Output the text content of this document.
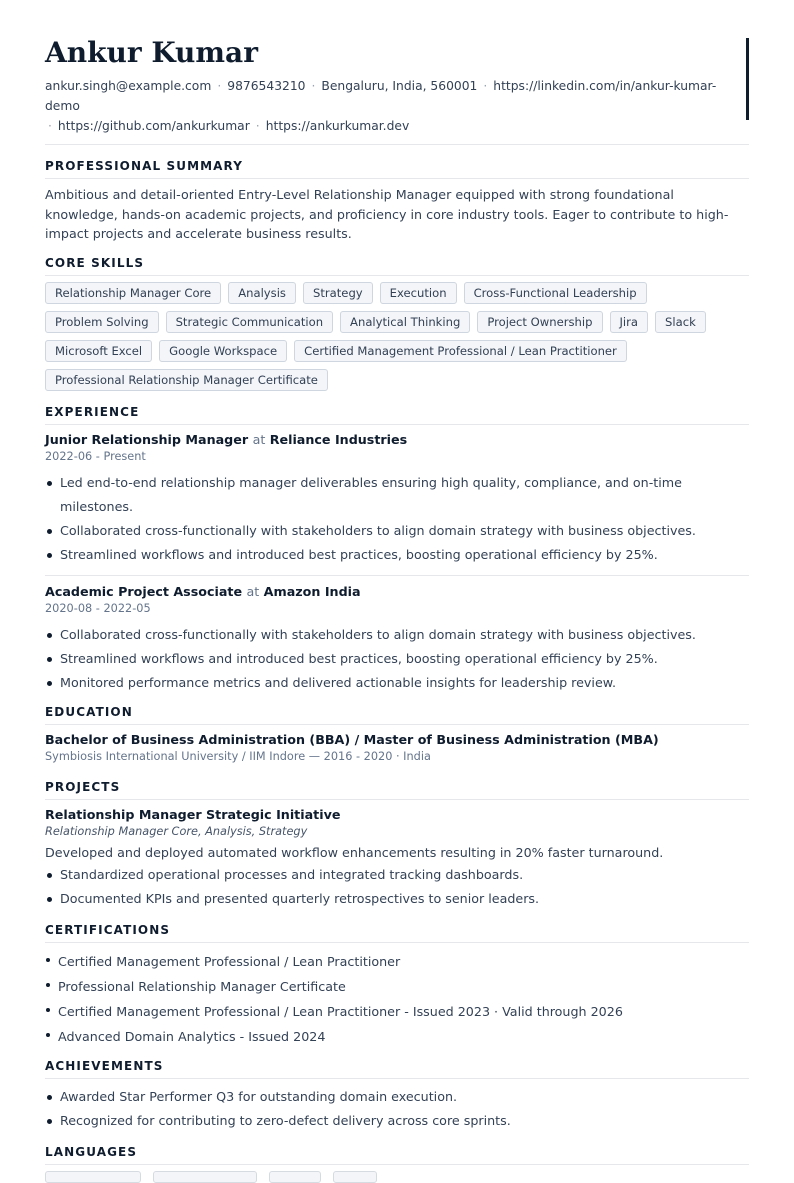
Ankur Kumar
ankur.singh@example.com · 9876543210 · Bengaluru, India, 560001 · https://linkedin.com/in/ankur-kumar-demo
· https://github.com/ankurkumar · https://ankurkumar.dev
PROFESSIONAL SUMMARY
Ambitious and detail-oriented Entry-Level Relationship Manager equipped with strong foundational knowledge, hands-on academic projects, and proficiency in core industry tools. Eager to contribute to high-impact projects and accelerate business results.
CORE SKILLS
Relationship Manager Core	Analysis	Strategy	Execution	Cross-Functional Leadership
Problem Solving	Strategic Communication	Analytical Thinking	Project Ownership	Jira	Slack
Microsoft Excel	Google Workspace	Certified Management Professional / Lean Practitioner
Professional Relationship Manager Certificate
EXPERIENCE
Junior Relationship Manager at Reliance Industries
2022-06 - Present
Led end-to-end relationship manager deliverables ensuring high quality, compliance, and on-time milestones.
Collaborated cross-functionally with stakeholders to align domain strategy with business objectives.
Streamlined workflows and introduced best practices, boosting operational efficiency by 25%.
Academic Project Associate at Amazon India
2020-08 - 2022-05
Collaborated cross-functionally with stakeholders to align domain strategy with business objectives.
Streamlined workflows and introduced best practices, boosting operational efficiency by 25%.
Monitored performance metrics and delivered actionable insights for leadership review.
EDUCATION
Bachelor of Business Administration (BBA) / Master of Business Administration (MBA)
Symbiosis International University / IIM Indore — 2016 - 2020 · India
PROJECTS
Relationship Manager Strategic Initiative
Relationship Manager Core, Analysis, Strategy
Developed and deployed automated workflow enhancements resulting in 20% faster turnaround.
Standardized operational processes and integrated tracking dashboards.
Documented KPIs and presented quarterly retrospectives to senior leaders.
CERTIFICATIONS
Certified Management Professional / Lean Practitioner
Professional Relationship Manager Certificate
Certified Management Professional / Lean Practitioner - Issued 2023 · Valid through 2026
Advanced Domain Analytics - Issued 2024
ACHIEVEMENTS
Awarded Star Performer Q3 for outstanding domain execution.
Recognized for contributing to zero-defect delivery across core sprints.
LANGUAGES
